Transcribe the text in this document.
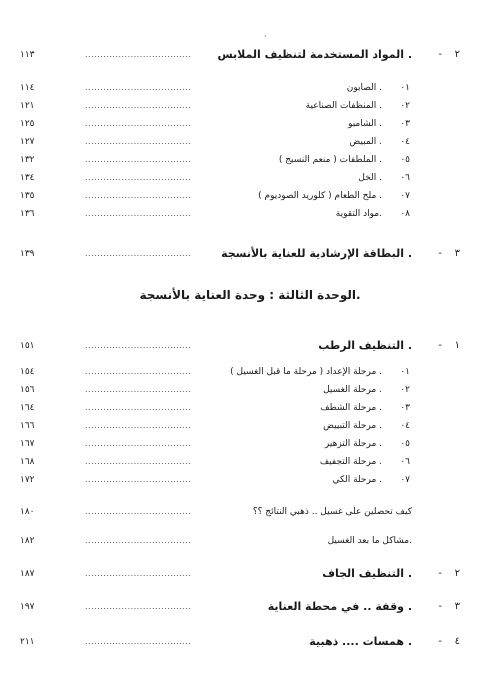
·
الوحدة الثالثة : وحدة العناية بالأنسجة.
٢
-
المواد المستخدمة لتنظيف الملابس .
...................................
١١٣
٠١
الصابون .
...................................
١١٤
٠٢
المنظفات الصناعية .
...................................
١٢١
٠٣
الشامبو .
...................................
١٢٥
٠٤
المبيض .
...................................
١٢٧
٠٥
الملطفات ( منعم النسيج ) .
...................................
١٣٢
٠٦
الخل .
...................................
١٣٤
٠٧
ملح الطعام ( كلوريد الصوديوم ) .
...................................
١٣٥
٠٨
مواد التقوية.
...................................
١٣٦
٣
-
البطاقة الإرشادية للعناية بالأنسجة .
...................................
١٣٩
١
-
التنظيف الرطب .
...................................
١٥١
٠١
مرحلة الإعداد ( مرحلة ما قبل الغسيل ) .
...................................
١٥٤
٠٢
مرحلة الغسيل .
...................................
١٥٦
٠٣
مرحلة الشطف .
...................................
١٦٤
٠٤
مرحلة التبييض .
...................................
١٦٦
٠٥
مرحلة التزهير .
...................................
١٦٧
٠٦
مرحلة التجفيف .
...................................
١٦٨
٠٧
مرحلة الكي .
...................................
١٧٢
كيف تحصلين على غسيل .. ذهبي النتائج ؟؟
...................................
١٨٠
مشاكل ما بعد الغسيل.
...................................
١٨٢
٢
-
التنظيف الجاف .
...................................
١٨٧
٣
-
وقفة .. في محطة العناية .
...................................
١٩٧
٤
-
همسات .... ذهبية .
...................................
٢١١
